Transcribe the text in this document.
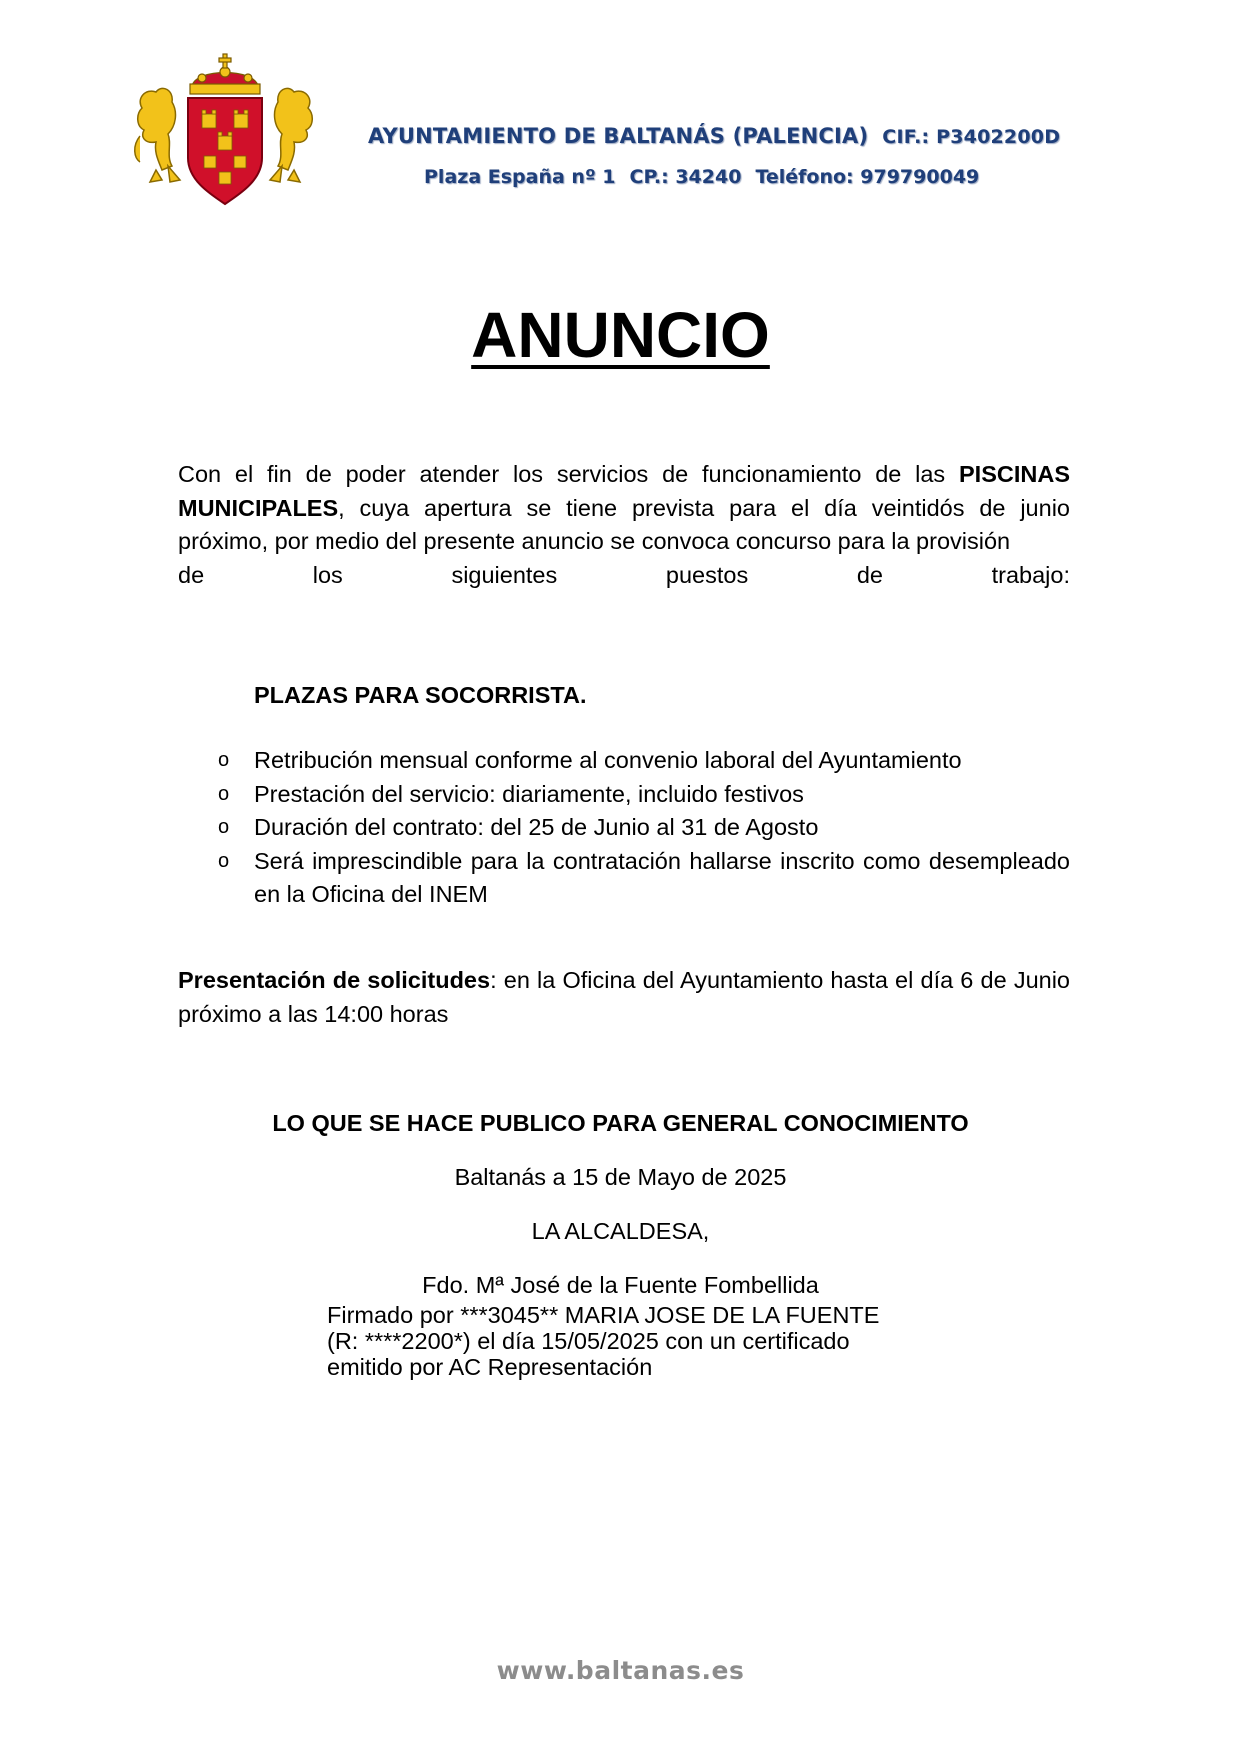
AYUNTAMIENTO DE BALTANÁS (PALENCIA) CIF.: P3402200D
Plaza España nº 1 CP.: 34240 Teléfono: 979790049
ANUNCIO
Con el fin de poder atender los servicios de funcionamiento de las PISCINAS MUNICIPALES, cuya apertura se tiene prevista para el día veintidós de junio próximo, por medio del presente anuncio se convoca concurso para la provisión
de	los	siguientes	puestos	de	trabajo:
PLAZAS PARA SOCORRISTA.
o Retribución mensual conforme al convenio laboral del Ayuntamiento
o Prestación del servicio: diariamente, incluido festivos
o Duración del contrato: del 25 de Junio al 31 de Agosto
o Será imprescindible para la contratación hallarse inscrito como desempleado en la Oficina del INEM
Presentación de solicitudes: en la Oficina del Ayuntamiento hasta el día 6 de Junio próximo a las 14:00 horas
LO QUE SE HACE PUBLICO PARA GENERAL CONOCIMIENTO
Baltanás a 15 de Mayo de 2025
LA ALCALDESA,
Fdo. Mª José de la Fuente Fombellida
Firmado por ***3045** MARIA JOSE DE LA FUENTE
(R: ****2200*) el día 15/05/2025 con un certificado
emitido por AC Representación
www.baltanas.es
